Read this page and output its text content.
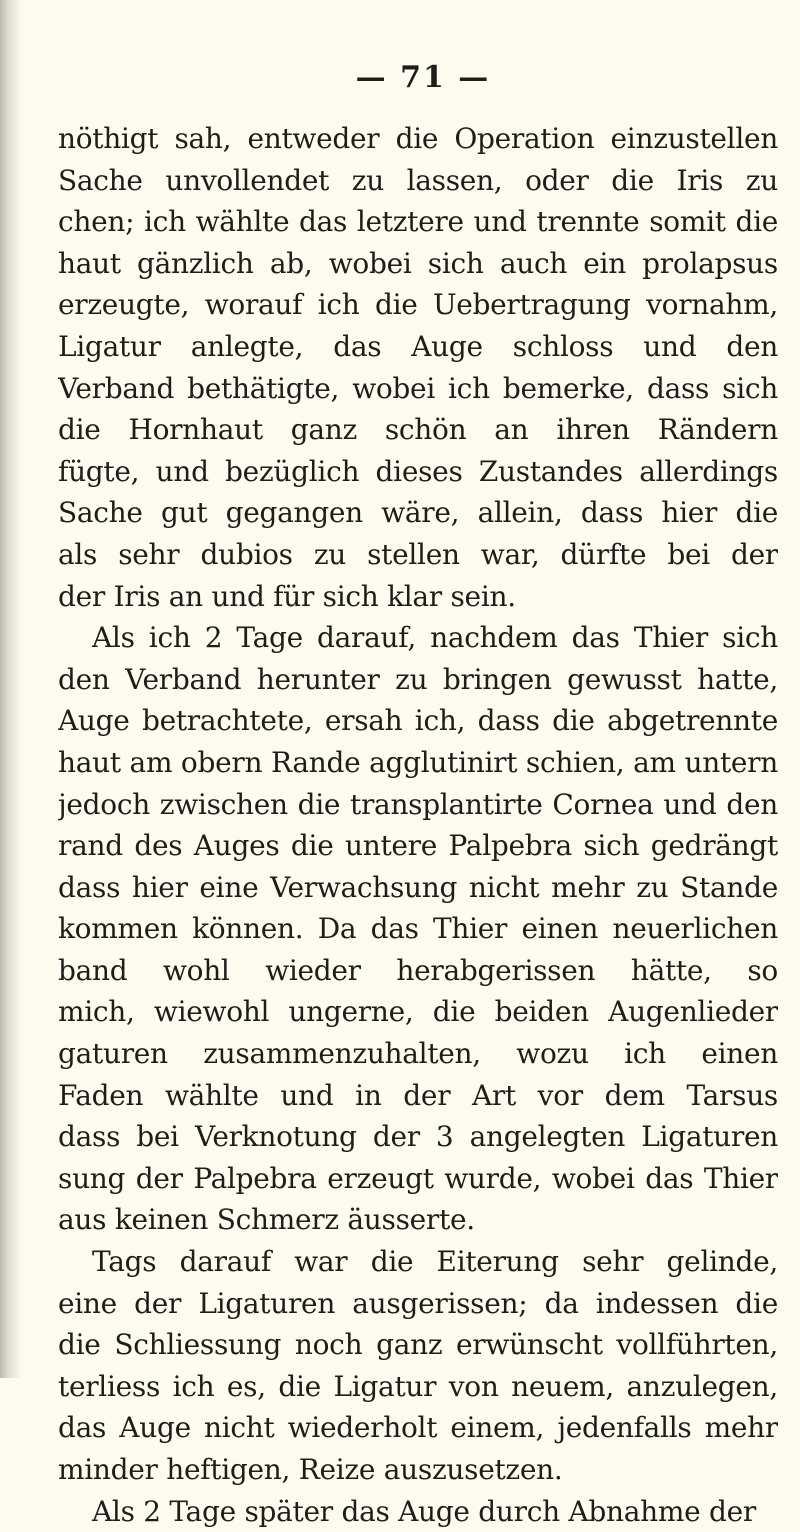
— 71 —
nöthigt sah, entweder die Operation einzustellen
Sache unvollendet zu lassen, oder die Iris zu
chen; ich wählte das letztere und trennte somit die
haut gänzlich ab, wobei sich auch ein prolapsus
erzeugte, worauf ich die Uebertragung vornahm,
Ligatur anlegte, das Auge schloss und den
Verband bethätigte, wobei ich bemerke, dass sich
die Hornhaut ganz schön an ihren Rändern
fügte, und bezüglich dieses Zustandes allerdings
Sache gut gegangen wäre, allein, dass hier die
als sehr dubios zu stellen war, dürfte bei der
der Iris an und für sich klar sein.
Als ich 2 Tage darauf, nachdem das Thier sich
den Verband herunter zu bringen gewusst hatte,
Auge betrachtete, ersah ich, dass die abgetrennte
haut am obern Rande agglutinirt schien, am untern
jedoch zwischen die transplantirte Cornea und den
rand des Auges die untere Palpebra sich gedrängt
dass hier eine Verwachsung nicht mehr zu Stande
kommen können. Da das Thier einen neuerlichen
band wohl wieder herabgerissen hätte, so
mich, wiewohl ungerne, die beiden Augenlieder
gaturen zusammenzuhalten, wozu ich einen
Faden wählte und in der Art vor dem Tarsus
dass bei Verknotung der 3 angelegten Ligaturen
sung der Palpebra erzeugt wurde, wobei das Thier
aus keinen Schmerz äusserte.
Tags darauf war die Eiterung sehr gelinde,
eine der Ligaturen ausgerissen; da indessen die
die Schliessung noch ganz erwünscht vollführten,
terliess ich es, die Ligatur von neuem, anzulegen,
das Auge nicht wiederholt einem, jedenfalls mehr
minder heftigen, Reize auszusetzen.
Als 2 Tage später das Auge durch Abnahme der
